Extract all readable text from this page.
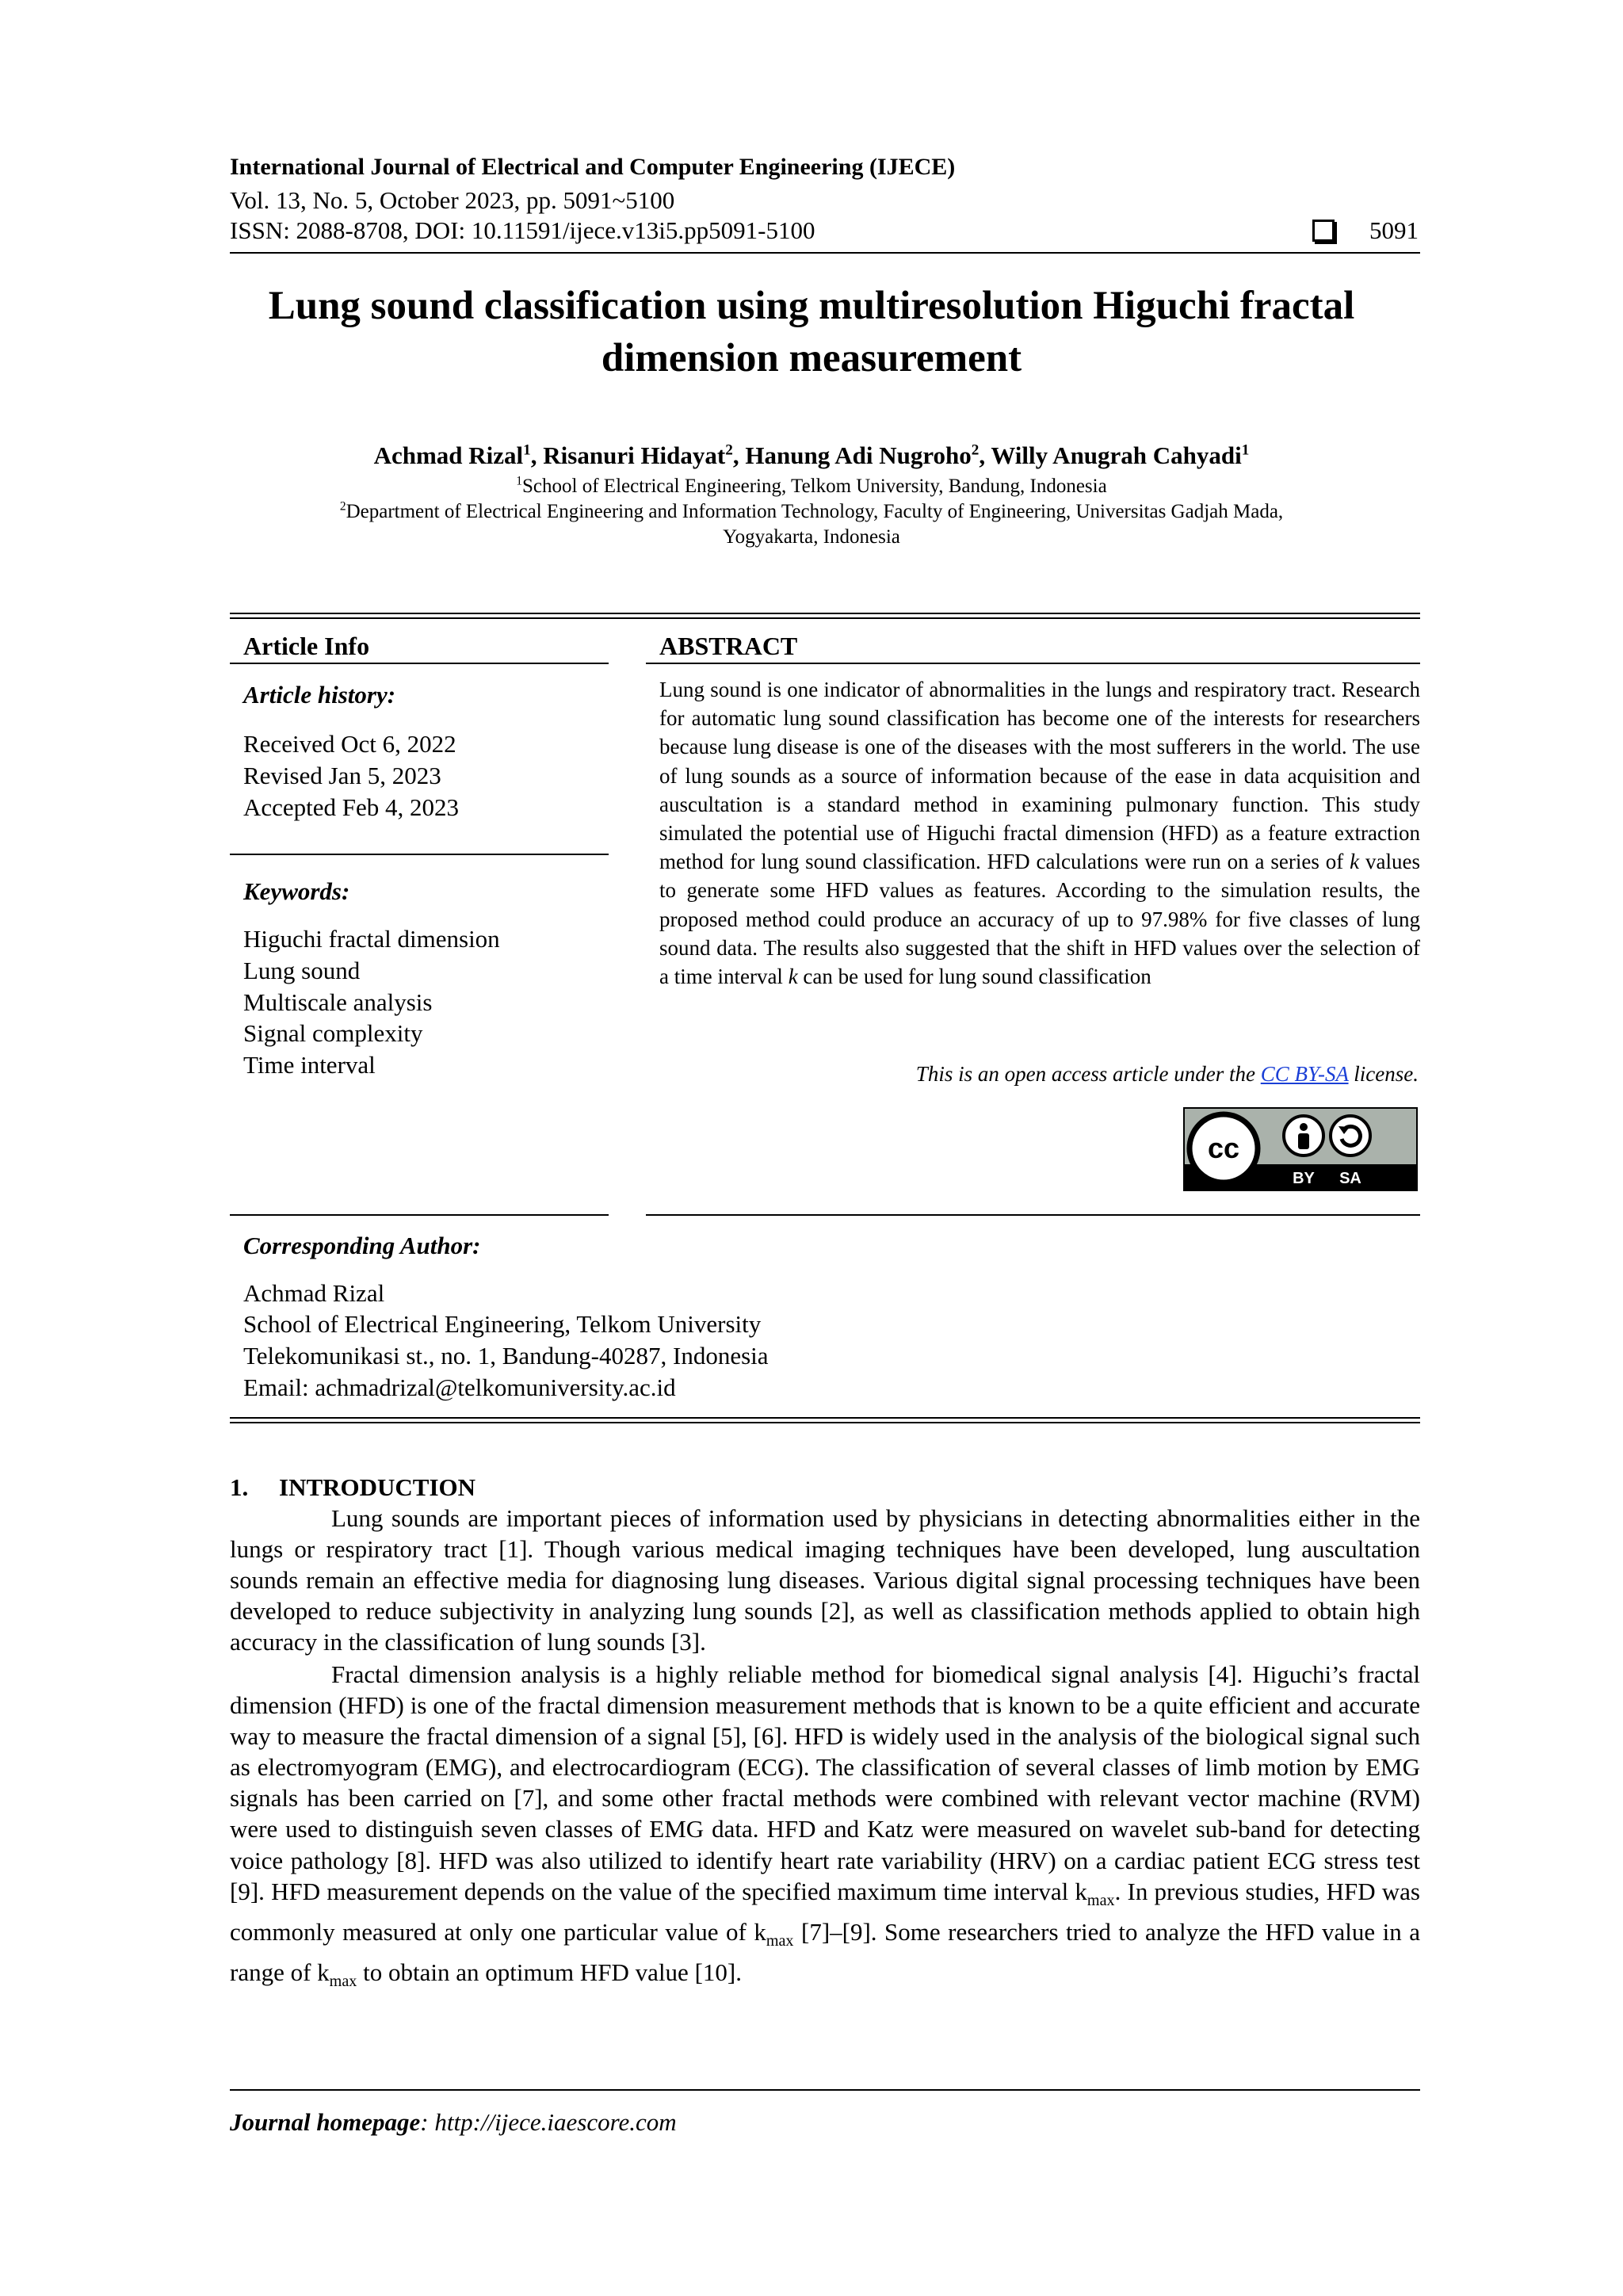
International Journal of Electrical and Computer Engineering (IJECE)
Vol. 13, No. 5, October 2023, pp. 5091~5100
ISSN: 2088-8708, DOI: 10.11591/ijece.v13i5.pp5091-5100	5091
Lung sound classification using multiresolution Higuchi fractal
dimension measurement
Achmad Rizal$^1$, Risanuri Hidayat$^2$, Hanung Adi Nugroho$^2$, Willy Anugrah Cahyadi$^1$
$^1$School of Electrical Engineering, Telkom University, Bandung, Indonesia
$^2$Department of Electrical Engineering and Information Technology, Faculty of Engineering, Universitas Gadjah Mada,
Yogyakarta, Indonesia
Article Info
Article history:
Received Oct 6, 2022
Revised Jan 5, 2023
Accepted Feb 4, 2023
Keywords:
Higuchi fractal dimension
Lung sound
Multiscale analysis
Signal complexity
Time interval
ABSTRACT
Lung sound is one indicator of abnormalities in the lungs and respiratory tract. Research for automatic lung sound classification has become one of the interests for researchers because lung disease is one of the diseases with the most sufferers in the world. The use of lung sounds as a source of information because of the ease in data acquisition and auscultation is a standard method in examining pulmonary function. This study simulated the potential use of Higuchi fractal dimension (HFD) as a feature extraction method for lung sound classification. HFD calculations were run on a series of k values to generate some HFD values as features. According to the simulation results, the proposed method could produce an accuracy of up to 97.98% for five classes of lung sound data. The results also suggested that the shift in HFD values over the selection of a time interval k can be used for lung sound classification
This is an open access article under the CC BY-SA license.
cc
BY SA
Corresponding Author:
Achmad Rizal
School of Electrical Engineering, Telkom University
Telekomunikasi st., no. 1, Bandung-40287, Indonesia
Email: achmadrizal@telkomuniversity.ac.id
1. INTRODUCTION
Lung sounds are important pieces of information used by physicians in detecting abnormalities either in the lungs or respiratory tract [1]. Though various medical imaging techniques have been developed, lung auscultation sounds remain an effective media for diagnosing lung diseases. Various digital signal processing techniques have been developed to reduce subjectivity in analyzing lung sounds [2], as well as classification methods applied to obtain high accuracy in the classification of lung sounds [3].
Fractal dimension analysis is a highly reliable method for biomedical signal analysis [4]. Higuchi’s fractal dimension (HFD) is one of the fractal dimension measurement methods that is known to be a quite efficient and accurate way to measure the fractal dimension of a signal [5], [6]. HFD is widely used in the analysis of the biological signal such as electromyogram (EMG), and electrocardiogram (ECG). The classification of several classes of limb motion by EMG signals has been carried on [7], and some other fractal methods were combined with relevant vector machine (RVM) were used to distinguish seven classes of EMG data. HFD and Katz were measured on wavelet sub-band for detecting voice pathology [8]. HFD was also utilized to identify heart rate variability (HRV) on a cardiac patient ECG stress test [9]. HFD measurement depends on the value of the specified maximum time interval $k_{max}$. In previous studies, HFD was commonly measured at only one particular value of $k_{max}$ [7]–[9]. Some researchers tried to analyze the HFD value in a range of $k_{max}$ to obtain an optimum HFD value [10].
Journal homepage: http://ijece.iaescore.com
